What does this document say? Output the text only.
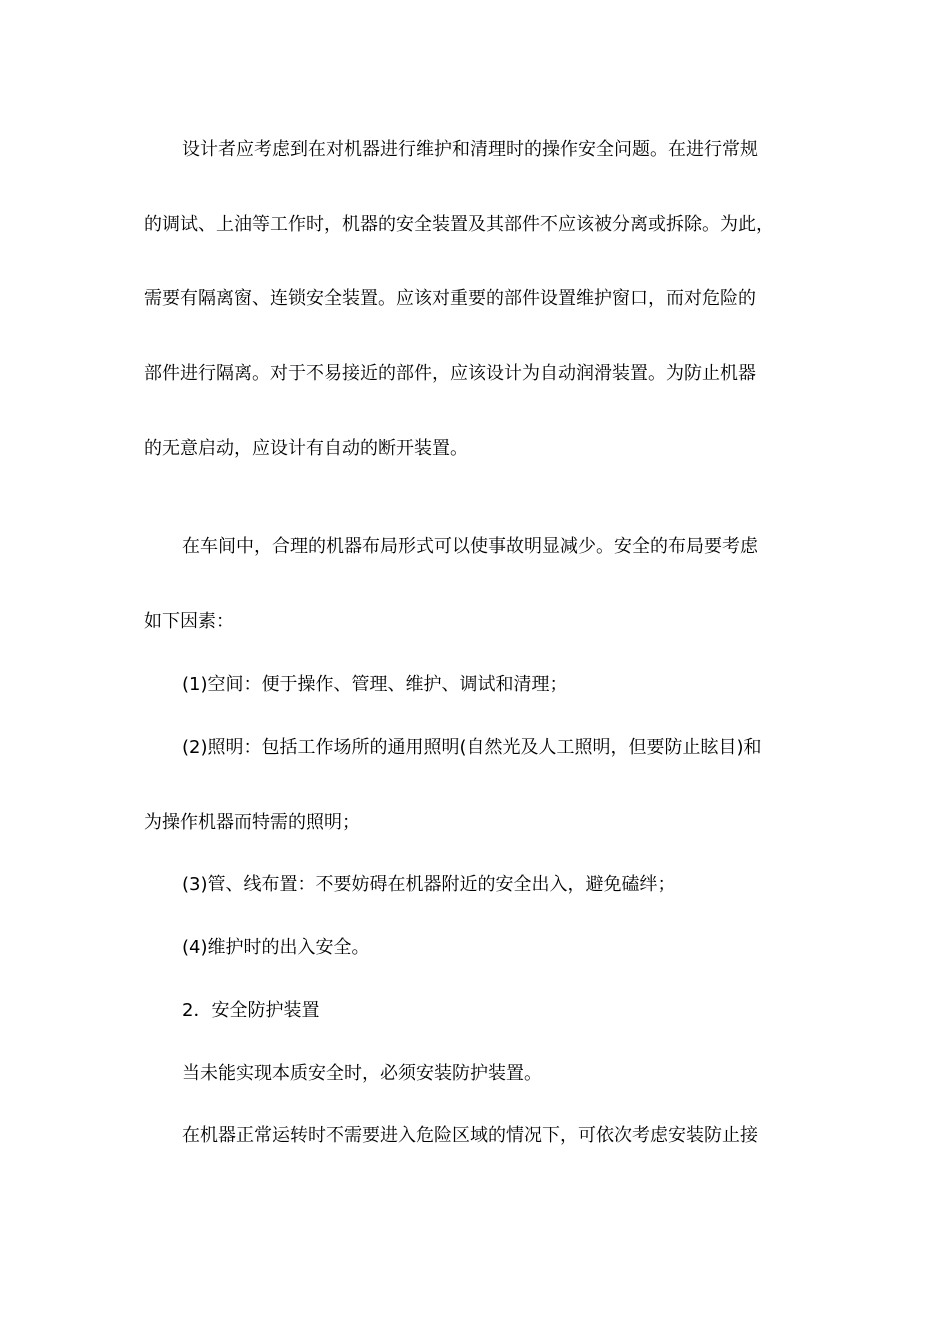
设计者应考虑到在对机器进行维护和清理时的操作安全问题。在进行常规
的调试、上油等工作时，机器的安全装置及其部件不应该被分离或拆除。为此，
需要有隔离窗、连锁安全装置。应该对重要的部件设置维护窗口，而对危险的
部件进行隔离。对于不易接近的部件，应该设计为自动润滑装置。为防止机器
的无意启动，应设计有自动的断开装置。
在车间中，合理的机器布局形式可以使事故明显减少。安全的布局要考虑
如下因素：
(1)空间：便于操作、管理、维护、调试和清理；
(2)照明：包括工作场所的通用照明(自然光及人工照明，但要防止眩目)和
为操作机器而特需的照明；
(3)管、线布置：不要妨碍在机器附近的安全出入，避免磕绊；
(4)维护时的出入安全。
2．安全防护装置
当未能实现本质安全时，必须安装防护装置。
在机器正常运转时不需要进入危险区域的情况下，可依次考虑安装防止接
